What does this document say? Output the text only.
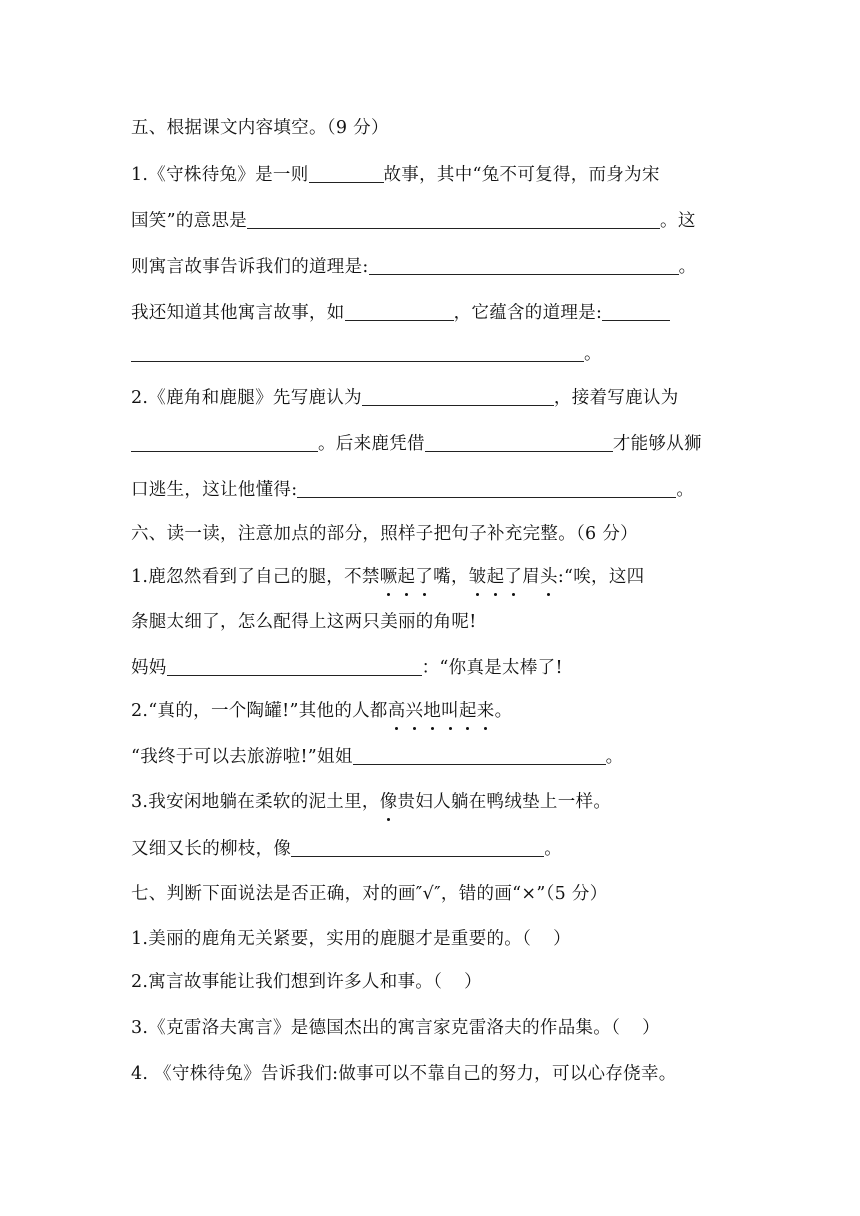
五、根据课文内容填空。（9 分）
1.《守株待兔》是一则	故事，其中“兔不可复得，而身为宋
国笑”的意思是	。这
则寓言故事告诉我们的道理是:	。
我还知道其他寓言故事，如	，它蕴含的道理是:
。
2.《鹿角和鹿腿》先写鹿认为	，接着写鹿认为
。后来鹿凭借	才能够从狮
口逃生，这让他懂得:	。
六、读一读，注意加点的部分，照样子把句子补充完整。（6 分）
1.鹿忽然看到了自己的腿，不禁噘起了嘴，皱起了眉头:“唉，这四
条腿太细了，怎么配得上这两只美丽的角呢!
妈妈	：“你真是太棒了!
2.“真的，一个陶罐!”其他的人都高兴地叫起来。
“我终于可以去旅游啦!”姐姐	。
3.我安闲地躺在柔软的泥土里，像贵妇人躺在鸭绒垫上一样。
又细又长的柳枝，像	。
七、判断下面说法是否正确，对的画″√″，错的画“×”（5 分）
1.美丽的鹿角无关紧要，实用的鹿腿才是重要的。（ ）
2.寓言故事能让我们想到许多人和事。（ ）
3.《克雷洛夫寓言》是德国杰出的寓言家克雷洛夫的作品集。（ ）
4. 《守株待兔》告诉我们:做事可以不靠自己的努力，可以心存侥幸。
